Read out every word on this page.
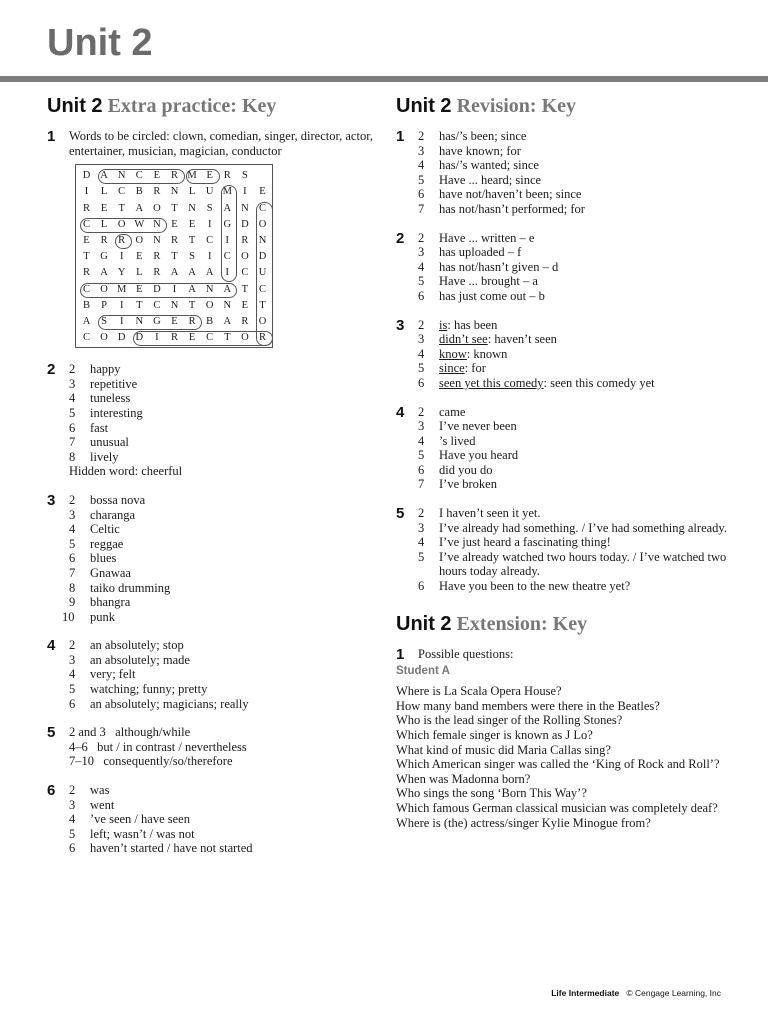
Unit 2
Unit 2 Extra practice: Key
1 Words to be circled: clown, comedian, singer, director, actor, entertainer, musician, magician, conductor
D A N C E R M E R	S
I	L C B R N L U M	I	E
R E	T A O T N S A N C
C L O W N E	E	I	G D O
E R R O N R T C	I	R N
T G	I	E R T	S	I	C O D
R A Y L R A A A	I	C U
C O M E D	I	A N A T C
B	P	I	T C N T O N E	T
A S	I	N G E R B A R O
C O D D	I	R E C T O R
2 2	happy
3	repetitive
4	tuneless
5	interesting
6	fast
7	unusual
8	lively
Hidden word: cheerful
3 2	bossa nova
3	charanga
4	Celtic
5	reggae
6	blues
7	Gnawaa
8	taiko drumming
9	bhangra
10	punk
4 2	an absolutely; stop
3	an absolutely; made
4	very; felt
5	watching; funny; pretty
6	an absolutely; magicians; really
5 2 and 3   although/while
4–6   but / in contrast / nevertheless
7–10   consequently/so/therefore
6 2	was
3	went
4	’ve seen / have seen
5	left; wasn’t / was not
6	haven’t started / have not started
Unit 2 Revision: Key
1 2	has/’s been; since
3	have known; for
4	has/’s wanted; since
5	Have ... heard; since
6	have not/haven’t been; since
7	has not/hasn’t performed; for
2 2	Have ... written – e
3	has uploaded – f
4	has not/hasn’t given – d
5	Have ... brought – a
6	has just come out – b
3 2	is: has been
3	didn’t see: haven’t seen
4	know: known
5	since: for
6	seen yet this comedy: seen this comedy yet
4 2	came
3	I’ve never been
4	’s lived
5	Have you heard
6	did you do
7	I’ve broken
5 2	I haven’t seen it yet.
3	I’ve already had something. / I’ve had something already.
4	I’ve just heard a fascinating thing!
5	I’ve already watched two hours today. / I’ve watched two hours today already.
6	Have you been to the new theatre yet?
Unit 2 Extension: Key
1 Possible questions:
Student A
Where is La Scala Opera House?
How many band members were there in the Beatles?
Who is the lead singer of the Rolling Stones?
Which female singer is known as J Lo?
What kind of music did Maria Callas sing?
Which American singer was called the ‘King of Rock and Roll’?
When was Madonna born?
Who sings the song ‘Born This Way’?
Which famous German classical musician was completely deaf?
Where is (the) actress/singer Kylie Minogue from?
Life Intermediate © Cengage Learning, Inc
